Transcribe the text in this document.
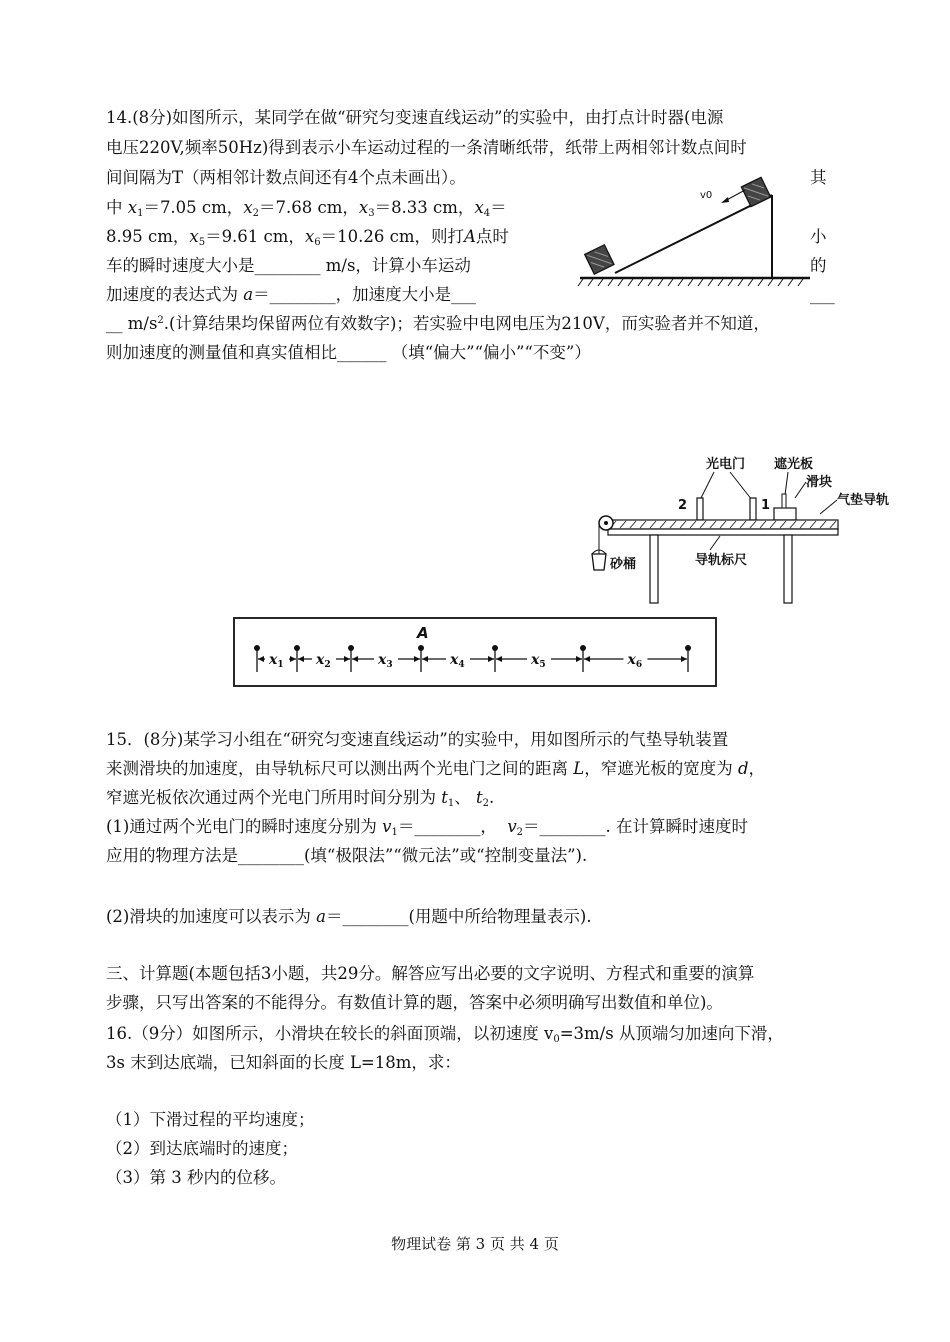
14.(8分)如图所示，某同学在做“研究匀变速直线运动”的实验中，由打点计时器(电源
电压220V,频率50Hz)得到表示小车运动过程的一条清晰纸带，纸带上两相邻计数点间时
间间隔为T（两相邻计数点间还有4个点未画出）。	其
中 $x_1=7.05$ cm，$x_2=7.68$ cm，$x_3=8.33$ cm，$x_4=$
8.95 cm，$x_5=9.61$ cm，$x_6=10.26$ cm，则打A点时	小
车的瞬时速度大小是________ m/s，计算小车运动	的
加速度的表达式为 a＝________，加速度大小是___	___
__ $m/s^2$.(计算结果均保留两位有效数字)；若实验中电网电压为210V，而实验者并不知道，
则加速度的测量值和真实值相比______ （填“偏大”“偏小”“不变”）
v0
光电门 遮光板
滑块
气垫导轨
2	1
砂桶	导轨标尺
A
$x_1$ $x_2$	$x_3$	$x_4$	$x_5$	$x_6$
15．(8分)某学习小组在“研究匀变速直线运动”的实验中，用如图所示的气垫导轨装置
来测滑块的加速度，由导轨标尺可以测出两个光电门之间的距离 L，窄遮光板的宽度为 d，
窄遮光板依次通过两个光电门所用时间分别为 $t_1$、 $t_2$.
(1)通过两个光电门的瞬时速度分别为 $v_1=\_\_\_\_\_\_\_\_$，  $v_2=\_\_\_\_\_\_\_\_$. 在计算瞬时速度时
应用的物理方法是________(填“极限法”“微元法”或“控制变量法”).
(2)滑块的加速度可以表示为 a＝________(用题中所给物理量表示).
三、计算题(本题包括3小题，共29分。解答应写出必要的文字说明、方程式和重要的演算
步骤，只写出答案的不能得分。有数值计算的题，答案中必须明确写出数值和单位)。
16.（9分）如图所示，小滑块在较长的斜面顶端，以初速度 $v_0=3m/s$ 从顶端匀加速向下滑，
3s 末到达底端，已知斜面的长度 L=18m，求：
（1）下滑过程的平均速度；
（2）到达底端时的速度；
（3）第 3 秒内的位移。
物理试卷 第 3 页 共 4 页
